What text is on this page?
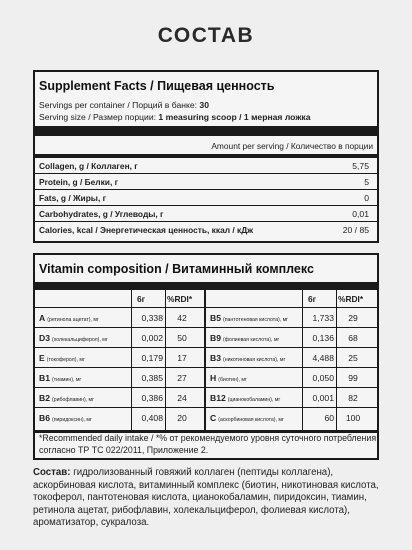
СОСТАВ
Supplement Facts / Пищевая ценность
Servings per container / Порций в банке: 30
Serving size / Размер порции: 1 measuring scoop / 1 мерная ложка
Amount per serving / Количество в порции
Collagen, g / Коллаген, г	5,75
Protein, g / Белки, г	5
Fats, g / Жиры, г	0
Carbohydrates, g / Углеводы, г	0,01
Calories, kcal / Энергетическая ценность, ккал / кДж	20 / 85
Vitamin composition / Витаминный комплекс
6г	%RDI*
A (ретинола ацетат), мг	0,338	42
D3 (холекальциферол), мг	0,002	50
E (токоферол), мг	0,179	17
B1 (тиамин), мг	0,385	27
B2 (рибофлавин), мг	0,386	24
B6 (пиридоксин), мг	0,408	20
6г	%RDI*
B5 (пантотеновая кислота), мг	1,733	29
B9 (фолиевая кислота), мг	0,136	68
B3 (никотиновая кислота), мг	4,488	25
H (биотин), мг	0,050	99
B12 (цианокобаламин), мг	0,001	82
C (аскорбиновая кислота), мг	60	100
*Recommended daily intake / *% от рекомендуемого уровня суточного потребления согласно ТР ТС 022/2011, Приложение 2.
Состав: гидролизованный говяжий коллаген (пептиды коллагена), аскорбиновая кислота, витаминный комплекс (биотин, никотиновая кислота, токоферол, пантотеновая кислота, цианокобаламин, пиридоксин, тиамин, ретинола ацетат, рибофлавин, холекальциферол, фолиевая кислота), ароматизатор, сукралоза.
